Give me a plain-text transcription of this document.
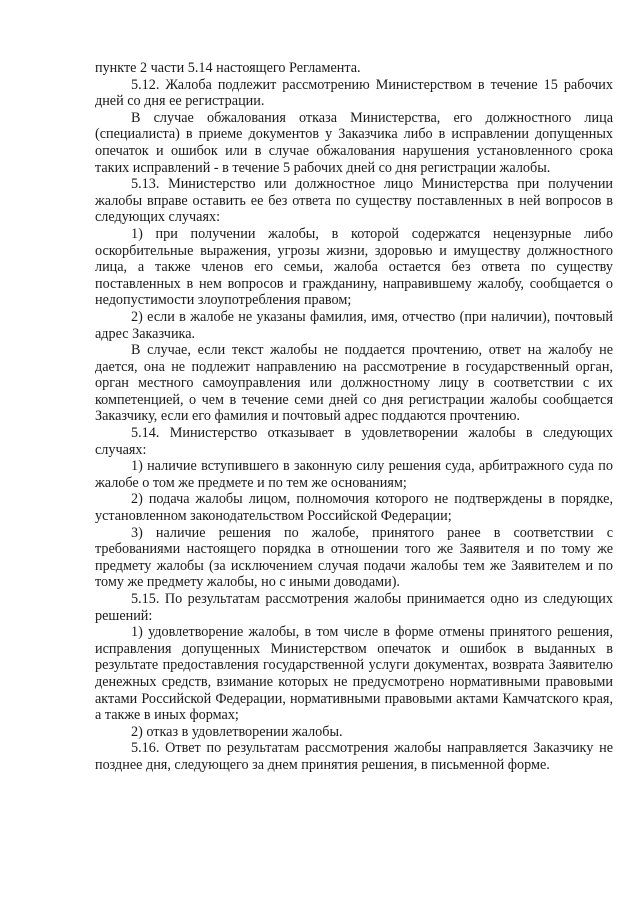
пункте 2 части 5.14 настоящего Регламента.

5.12. Жалоба подлежит рассмотрению Министерством в течение 15 рабочих дней со дня ее регистрации.

В случае обжалования отказа Министерства, его должностного лица (специалиста) в приеме документов у Заказчика либо в исправлении допущенных опечаток и ошибок или в случае обжалования нарушения установленного срока таких исправлений - в течение 5 рабочих дней со дня регистрации жалобы.

5.13. Министерство или должностное лицо Министерства при получении жалобы вправе оставить ее без ответа по существу поставленных в ней вопросов в следующих случаях:

1) при получении жалобы, в которой содержатся нецензурные либо оскорбительные выражения, угрозы жизни, здоровью и имуществу должностного лица, а также членов его семьи, жалоба остается без ответа по существу поставленных в нем вопросов и гражданину, направившему жалобу, сообщается о недопустимости злоупотребления правом;

2) если в жалобе не указаны фамилия, имя, отчество (при наличии), почтовый адрес Заказчика.

В случае, если текст жалобы не поддается прочтению, ответ на жалобу не дается, она не подлежит направлению на рассмотрение в государственный орган, орган местного самоуправления или должностному лицу в соответствии с их компетенцией, о чем в течение семи дней со дня регистрации жалобы сообщается Заказчику, если его фамилия и почтовый адрес поддаются прочтению.

5.14. Министерство отказывает в удовлетворении жалобы в следующих случаях:

1) наличие вступившего в законную силу решения суда, арбитражного суда по жалобе о том же предмете и по тем же основаниям;

2) подача жалобы лицом, полномочия которого не подтверждены в порядке, установленном законодательством Российской Федерации;

3) наличие решения по жалобе, принятого ранее в соответствии с требованиями настоящего порядка в отношении того же Заявителя и по тому же предмету жалобы (за исключением случая подачи жалобы тем же Заявителем и по тому же предмету жалобы, но с иными доводами).

5.15. По результатам рассмотрения жалобы принимается одно из следующих решений:

1) удовлетворение жалобы, в том числе в форме отмены принятого решения, исправления допущенных Министерством опечаток и ошибок в выданных в результате предоставления государственной услуги документах, возврата Заявителю денежных средств, взимание которых не предусмотрено нормативными правовыми актами Российской Федерации, нормативными правовыми актами Камчатского края, а также в иных формах;

2) отказ в удовлетворении жалобы.

5.16. Ответ по результатам рассмотрения жалобы направляется Заказчику не позднее дня, следующего за днем принятия решения, в письменной форме.
